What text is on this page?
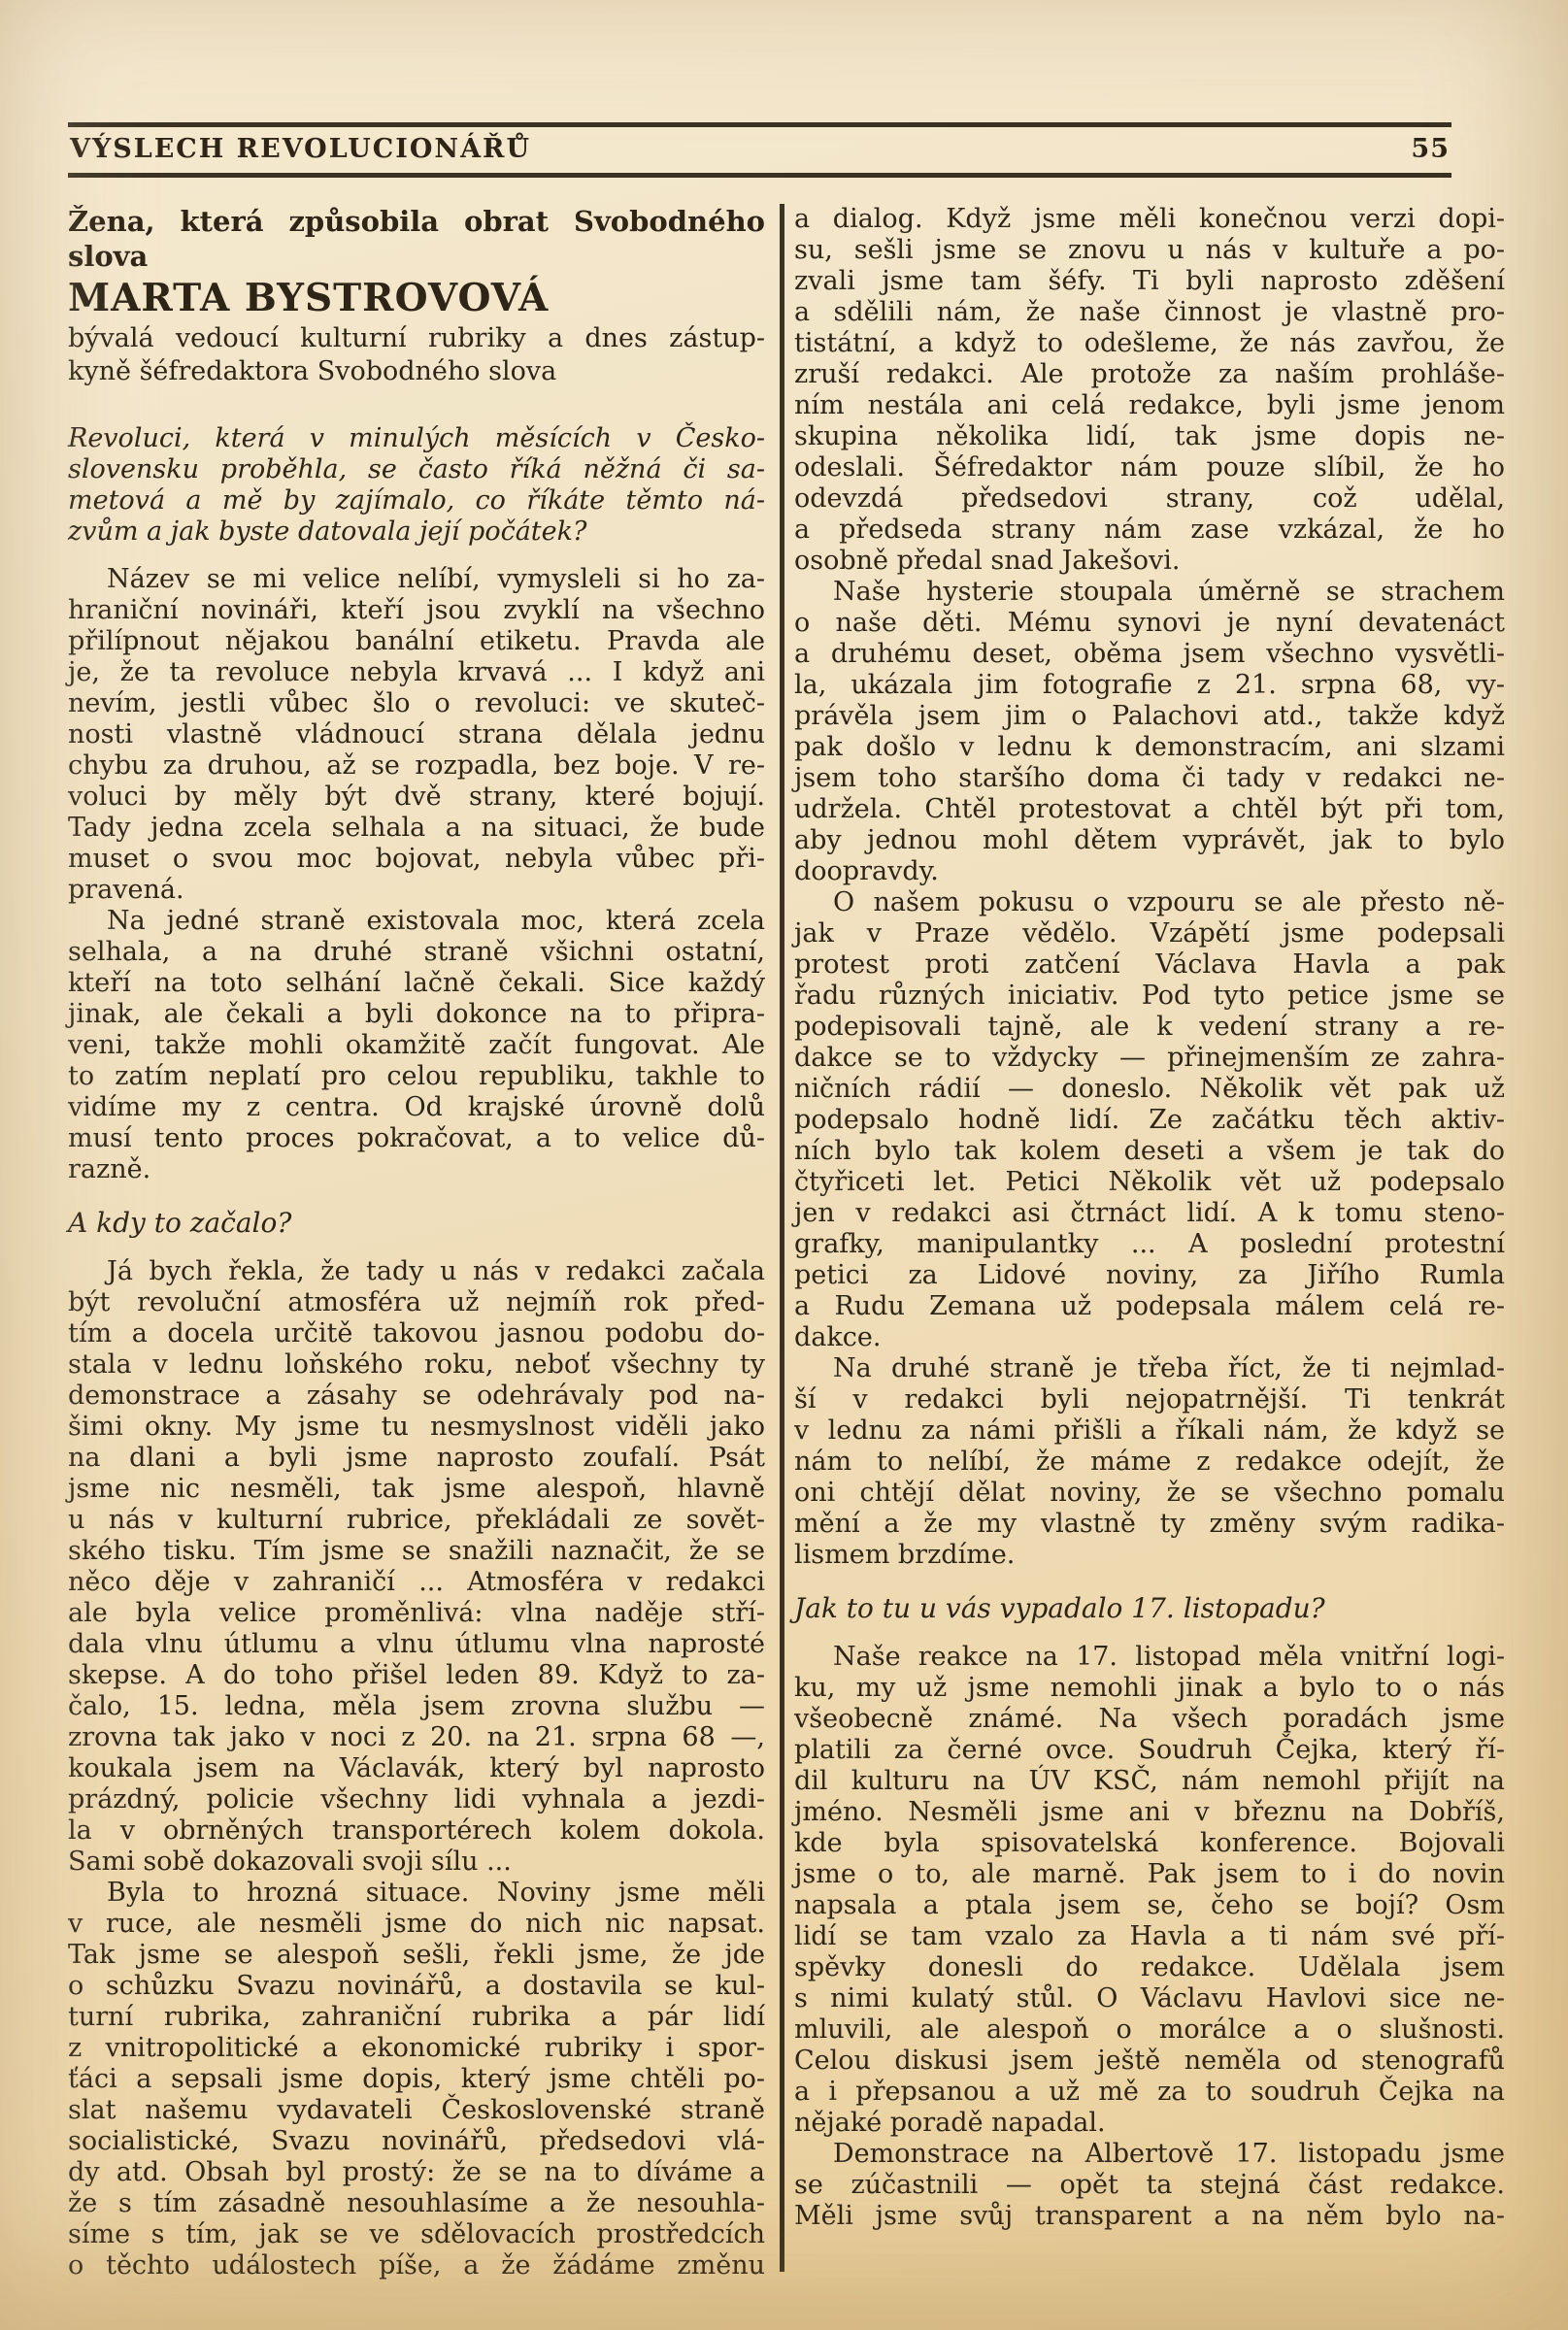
VÝSLECH REVOLUCIONÁŘŮ	55
Žena, která způsobila obrat Svobodného slova
MARTA BYSTROVOVÁ
bývalá vedoucí kulturní rubriky a dnes zástup-
kyně šéfredaktora Svobodného slova
Revoluci, která v minulých měsících v Česko-
slovensku proběhla, se často říká něžná či sa-
metová a mě by zajímalo, co říkáte těmto ná-
zvům a jak byste datovala její počátek?
Název se mi velice nelíbí, vymysleli si ho za-
hraniční novináři, kteří jsou zvyklí na všechno
přilípnout nějakou banální etiketu. Pravda ale
je, že ta revoluce nebyla krvavá ... I když ani
nevím, jestli vůbec šlo o revoluci: ve skuteč-
nosti vlastně vládnoucí strana dělala jednu
chybu za druhou, až se rozpadla, bez boje. V re-
voluci by měly být dvě strany, které bojují.
Tady jedna zcela selhala a na situaci, že bude
muset o svou moc bojovat, nebyla vůbec při-
pravená.
Na jedné straně existovala moc, která zcela
selhala, a na druhé straně všichni ostatní,
kteří na toto selhání lačně čekali. Sice každý
jinak, ale čekali a byli dokonce na to připra-
veni, takže mohli okamžitě začít fungovat. Ale
to zatím neplatí pro celou republiku, takhle to
vidíme my z centra. Od krajské úrovně dolů
musí tento proces pokračovat, a to velice dů-
razně.
A kdy to začalo?
Já bych řekla, že tady u nás v redakci začala
být revoluční atmosféra už nejmíň rok před-
tím a docela určitě takovou jasnou podobu do-
stala v lednu loňského roku, neboť všechny ty
demonstrace a zásahy se odehrávaly pod na-
šimi okny. My jsme tu nesmyslnost viděli jako
na dlani a byli jsme naprosto zoufalí. Psát
jsme nic nesměli, tak jsme alespoň, hlavně
u nás v kulturní rubrice, překládali ze sovět-
ského tisku. Tím jsme se snažili naznačit, že se
něco děje v zahraničí ... Atmosféra v redakci
ale byla velice proměnlivá: vlna naděje stří-
dala vlnu útlumu a vlnu útlumu vlna naprosté
skepse. A do toho přišel leden 89. Když to za-
čalo, 15. ledna, měla jsem zrovna službu —
zrovna tak jako v noci z 20. na 21. srpna 68 —,
koukala jsem na Václavák, který byl naprosto
prázdný, policie všechny lidi vyhnala a jezdi-
la v obrněných transportérech kolem dokola.
Sami sobě dokazovali svoji sílu ...
Byla to hrozná situace. Noviny jsme měli
v ruce, ale nesměli jsme do nich nic napsat.
Tak jsme se alespoň sešli, řekli jsme, že jde
o schůzku Svazu novinářů, a dostavila se kul-
turní rubrika, zahraniční rubrika a pár lidí
z vnitropolitické a ekonomické rubriky i spor-
ťáci a sepsali jsme dopis, který jsme chtěli po-
slat našemu vydavateli Československé straně
socialistické, Svazu novinářů, předsedovi vlá-
dy atd. Obsah byl prostý: že se na to díváme a
že s tím zásadně nesouhlasíme a že nesouhla-
síme s tím, jak se ve sdělovacích prostředcích
o těchto událostech píše, a že žádáme změnu
a dialog. Když jsme měli konečnou verzi dopi-
su, sešli jsme se znovu u nás v kultuře a po-
zvali jsme tam šéfy. Ti byli naprosto zděšení
a sdělili nám, že naše činnost je vlastně pro-
tistátní, a když to odešleme, že nás zavřou, že
zruší redakci. Ale protože za naším prohláše-
ním nestála ani celá redakce, byli jsme jenom
skupina několika lidí, tak jsme dopis ne-
odeslali. Šéfredaktor nám pouze slíbil, že ho
odevzdá předsedovi strany, což udělal,
a předseda strany nám zase vzkázal, že ho
osobně předal snad Jakešovi.
Naše hysterie stoupala úměrně se strachem
o naše děti. Mému synovi je nyní devatenáct
a druhému deset, oběma jsem všechno vysvětli-
la, ukázala jim fotografie z 21. srpna 68, vy-
právěla jsem jim o Palachovi atd., takže když
pak došlo v lednu k demonstracím, ani slzami
jsem toho staršího doma či tady v redakci ne-
udržela. Chtěl protestovat a chtěl být při tom,
aby jednou mohl dětem vyprávět, jak to bylo
doopravdy.
O našem pokusu o vzpouru se ale přesto ně-
jak v Praze vědělo. Vzápětí jsme podepsali
protest proti zatčení Václava Havla a pak
řadu různých iniciativ. Pod tyto petice jsme se
podepisovali tajně, ale k vedení strany a re-
dakce se to vždycky — přinejmenším ze zahra-
ničních rádií — doneslo. Několik vět pak už
podepsalo hodně lidí. Ze začátku těch aktiv-
ních bylo tak kolem deseti a všem je tak do
čtyřiceti let. Petici Několik vět už podepsalo
jen v redakci asi čtrnáct lidí. A k tomu steno-
grafky, manipulantky ... A poslední protestní
petici za Lidové noviny, za Jiřího Rumla
a Rudu Zemana už podepsala málem celá re-
dakce.
Na druhé straně je třeba říct, že ti nejmlad-
ší v redakci byli nejopatrnější. Ti tenkrát
v lednu za námi přišli a říkali nám, že když se
nám to nelíbí, že máme z redakce odejít, že
oni chtějí dělat noviny, že se všechno pomalu
mění a že my vlastně ty změny svým radika-
lismem brzdíme.
Jak to tu u vás vypadalo 17. listopadu?
Naše reakce na 17. listopad měla vnitřní logi-
ku, my už jsme nemohli jinak a bylo to o nás
všeobecně známé. Na všech poradách jsme
platili za černé ovce. Soudruh Čejka, který ří-
dil kulturu na ÚV KSČ, nám nemohl přijít na
jméno. Nesměli jsme ani v březnu na Dobříš,
kde byla spisovatelská konference. Bojovali
jsme o to, ale marně. Pak jsem to i do novin
napsala a ptala jsem se, čeho se bojí? Osm
lidí se tam vzalo za Havla a ti nám své pří-
spěvky donesli do redakce. Udělala jsem
s nimi kulatý stůl. O Václavu Havlovi sice ne-
mluvili, ale alespoň o morálce a o slušnosti.
Celou diskusi jsem ještě neměla od stenografů
a i přepsanou a už mě za to soudruh Čejka na
nějaké poradě napadal.
Demonstrace na Albertově 17. listopadu jsme
se zúčastnili — opět ta stejná část redakce.
Měli jsme svůj transparent a na něm bylo na-
